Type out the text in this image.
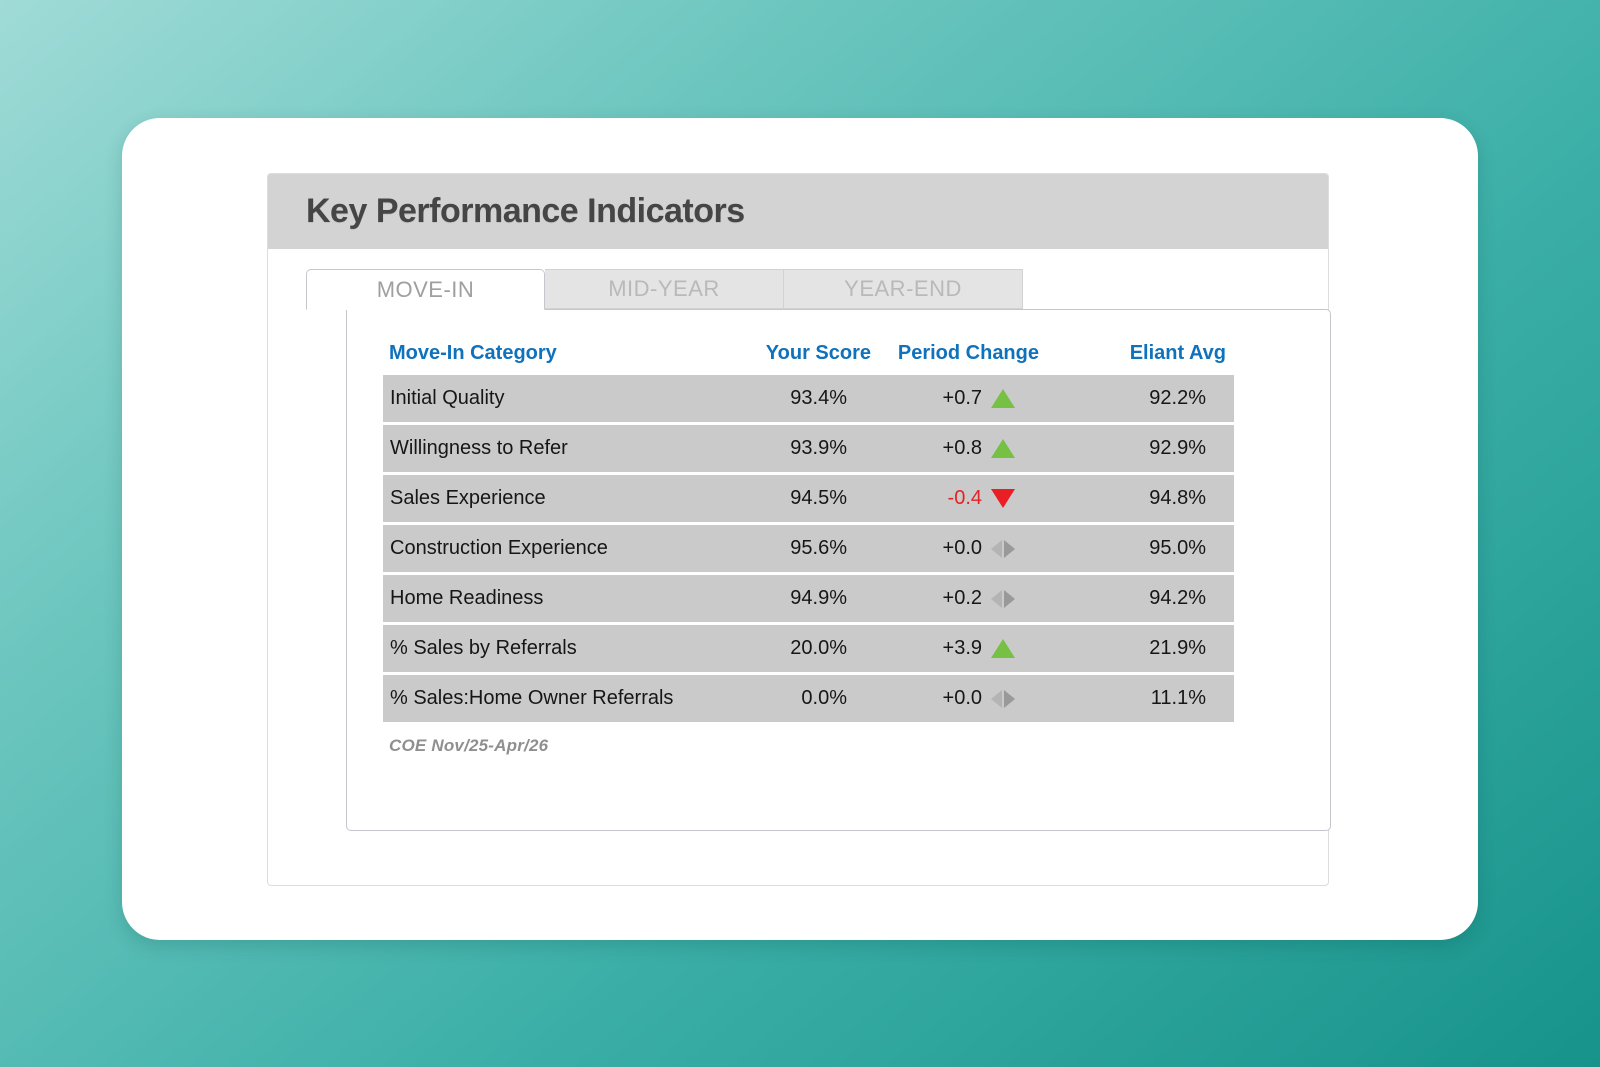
Key Performance Indicators
MOVE-IN	MID-YEAR	YEAR-END
Move-In Category	Your Score	Period Change	Eliant Avg
Initial Quality	93.4%	+0.7	92.2%
Willingness to Refer	93.9%	+0.8	92.9%
Sales Experience	94.5%	-0.4	94.8%
Construction Experience	95.6%	+0.0	95.0%
Home Readiness	94.9%	+0.2	94.2%
% Sales by Referrals	20.0%	+3.9	21.9%
% Sales:Home Owner Referrals	0.0%	+0.0	11.1%
COE Nov/25-Apr/26
